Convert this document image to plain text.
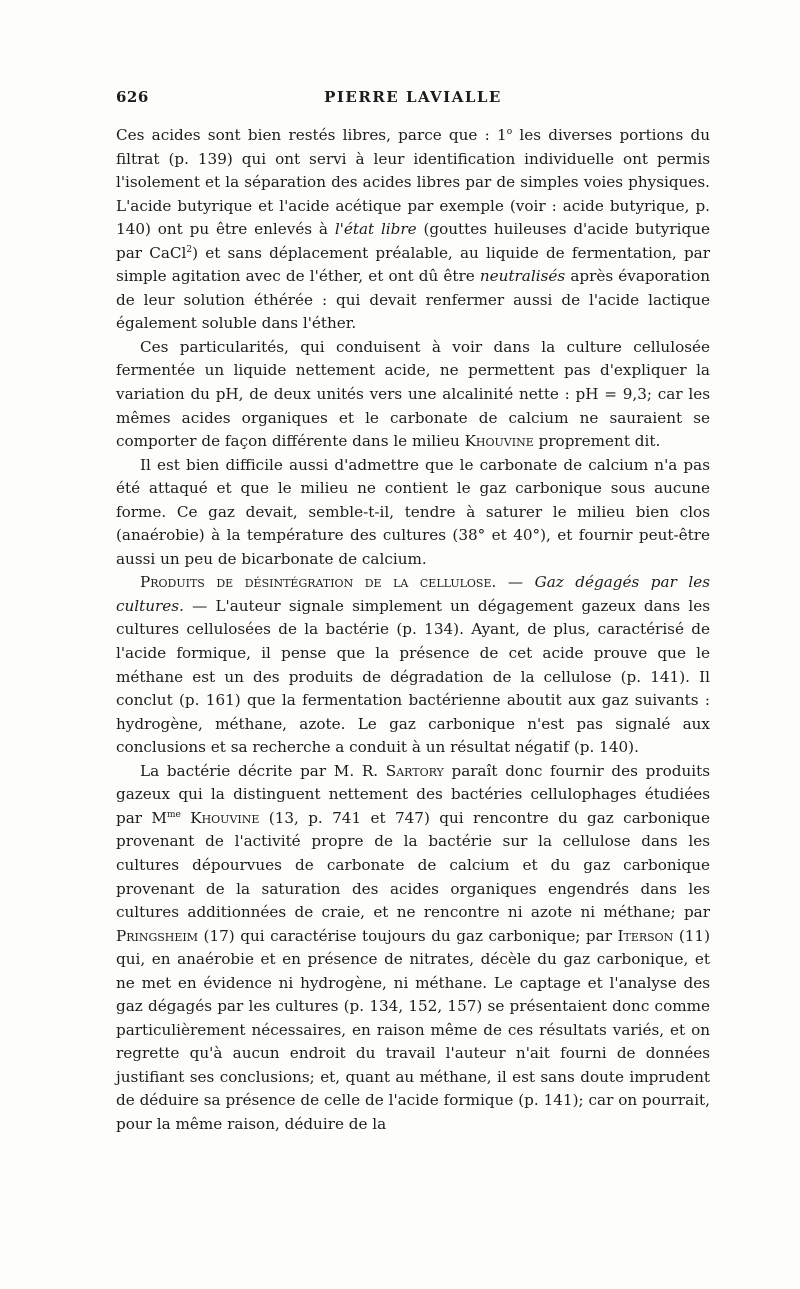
626	PIERRE LAVIALLE

Ces acides sont bien restés libres, parce que : 1$^o$ les diverses portions du filtrat (p. 139) qui ont servi à leur identification individuelle ont permis l'isolement et la séparation des acides libres par de simples voies physiques. L'acide butyrique et l'acide acétique par exemple (voir : acide butyrique, p. 140) ont pu être enlevés à l'état libre (gouttes huileuses d'acide butyrique par CaCl$^2$) et sans déplacement préalable, au liquide de fermentation, par simple agitation avec de l'éther, et ont dû être neutralisés après évaporation de leur solution éthérée : qui devait renfermer aussi de l'acide lactique également soluble dans l'éther.

Ces particularités, qui conduisent à voir dans la culture cellulosée fermentée un liquide nettement acide, ne permettent pas d'expliquer la variation du pH, de deux unités vers une alcalinité nette : pH = 9,3; car les mêmes acides organiques et le carbonate de calcium ne sauraient se comporter de façon différente dans le milieu Khouvine proprement dit.

Il est bien difficile aussi d'admettre que le carbonate de calcium n'a pas été attaqué et que le milieu ne contient le gaz carbonique sous aucune forme. Ce gaz devait, semble-t-il, tendre à saturer le milieu bien clos (anaérobie) à la température des cultures (38° et 40°), et fournir peut-être aussi un peu de bicarbonate de calcium.

Produits de désintégration de la cellulose. — Gaz dégagés par les cultures. — L'auteur signale simplement un dégagement gazeux dans les cultures cellulosées de la bactérie (p. 134). Ayant, de plus, caractérisé de l'acide formique, il pense que la présence de cet acide prouve que le méthane est un des produits de dégradation de la cellulose (p. 141). Il conclut (p. 161) que la fermentation bactérienne aboutit aux gaz suivants : hydrogène, méthane, azote. Le gaz carbonique n'est pas signalé aux conclusions et sa recherche a conduit à un résultat négatif (p. 140).

La bactérie décrite par M. R. Sartory paraît donc fournir des produits gazeux qui la distinguent nettement des bactéries cellulophages étudiées par $M^{me}$ Khouvine (13, p. 741 et 747) qui rencontre du gaz carbonique provenant de l'activité propre de la bactérie sur la cellulose dans les cultures dépourvues de carbonate de calcium et du gaz carbonique provenant de la saturation des acides organiques engendrés dans les cultures additionnées de craie, et ne rencontre ni azote ni méthane; par Pringsheim (17) qui caractérise toujours du gaz carbonique; par Iterson (11) qui, en anaérobie et en présence de nitrates, décèle du gaz carbonique, et ne met en évidence ni hydrogène, ni méthane. Le captage et l'analyse des gaz dégagés par les cultures (p. 134, 152, 157) se présentaient donc comme particulièrement nécessaires, en raison même de ces résultats variés, et on regrette qu'à aucun endroit du travail l'auteur n'ait fourni de données justifiant ses conclusions; et, quant au méthane, il est sans doute imprudent de déduire sa présence de celle de l'acide formique (p. 141); car on pourrait, pour la même raison, déduire de la
